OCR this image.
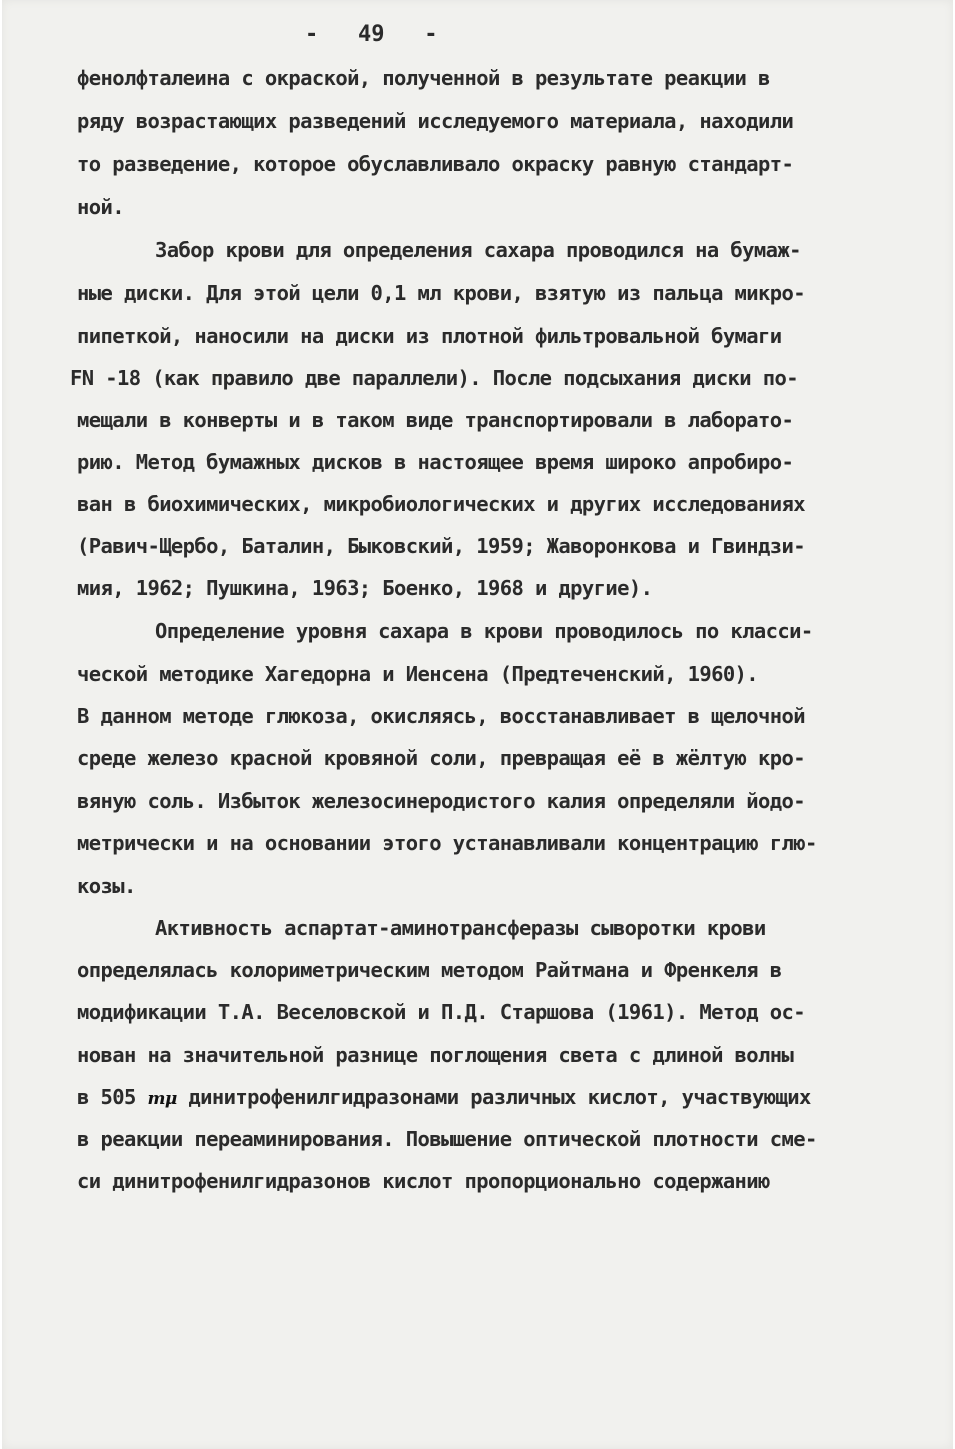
-   49   -

фенолфталеина с окраской, полученной в результате реакции в

ряду возрастающих разведений исследуемого материала, находили

то разведение, которое обуславливало окраску равную стандарт-

ной.

Забор крови для определения сахара проводился на бумаж-

ные диски. Для этой цели 0,1 мл крови, взятую из пальца микро-

пипеткой, наносили на диски из плотной фильтровальной бумаги

FN -18 (как правило две параллели). После подсыхания диски по-

мещали в конверты и в таком виде транспортировали в лаборато-

рию. Метод бумажных дисков в настоящее время широко апробиро-

ван в биохимических, микробиологических и других исследованиях

(Равич-Щербо, Баталин, Быковский, 1959; Жаворонкова и Гвиндзи-

мия, 1962; Пушкина, 1963; Боенко, 1968 и другие).

Определение уровня сахара в крови проводилось по класси-

ческой методике Хагедорна и Иенсена (Предтеченский, 1960).

В данном методе глюкоза, окисляясь, восстанавливает в щелочной

среде железо красной кровяной соли, превращая её в жёлтую кро-

вяную соль. Избыток железосинеродистого калия определяли йодо-

метрически и на основании этого устанавливали концентрацию глю-

козы.

Активность аспартат-аминотрансферазы сыворотки крови

определялась колориметрическим методом Райтмана и Френкеля в

модификации Т.А. Веселовской и П.Д. Старшова (1961). Метод ос-

нован на значительной разнице поглощения света с длиной волны

в 505 mμ динитрофенилгидразонами различных кислот, участвующих

в реакции переаминирования. Повышение оптической плотности сме-

си динитрофенилгидразонов кислот пропорционально содержанию
